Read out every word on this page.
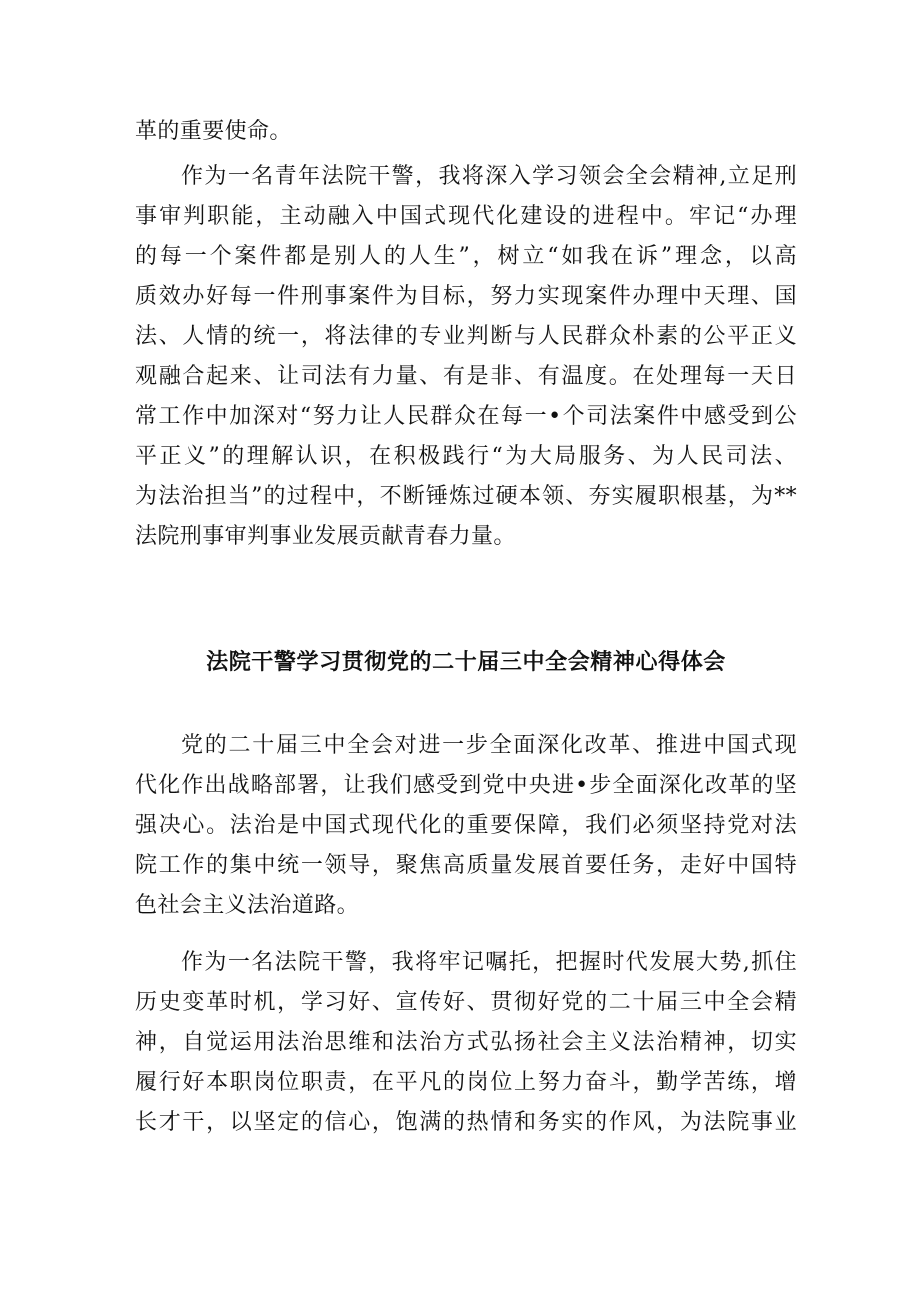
革的重要使命。
作为一名青年法院干警，我将深入学习领会全会精神,立足刑
事审判职能，主动融入中国式现代化建设的进程中。牢记“办理
的每一个案件都是别人的人生”，树立“如我在诉”理念，以高
质效办好每一件刑事案件为目标，努力实现案件办理中天理、国
法、人情的统一，将法律的专业判断与人民群众朴素的公平正义
观融合起来、让司法有力量、有是非、有温度。在处理每一天日
常工作中加深对“努力让人民群众在每一•个司法案件中感受到公
平正义”的理解认识，在积极践行“为大局服务、为人民司法、
为法治担当”的过程中，不断锤炼过硬本领、夯实履职根基，为**
法院刑事审判事业发展贡献青春力量。
法院干警学习贯彻党的二十届三中全会精神心得体会
党的二十届三中全会对进一步全面深化改革、推进中国式现
代化作出战略部署，让我们感受到党中央进•步全面深化改革的坚
强决心。法治是中国式现代化的重要保障，我们必须坚持党对法
院工作的集中统一领导，聚焦高质量发展首要任务，走好中国特
色社会主义法治道路。
作为一名法院干警，我将牢记嘱托，把握时代发展大势,抓住
历史变革时机，学习好、宣传好、贯彻好党的二十届三中全会精
神，自觉运用法治思维和法治方式弘扬社会主义法治精神，切实
履行好本职岗位职责，在平凡的岗位上努力奋斗，勤学苦练，增
长才干，以坚定的信心，饱满的热情和务实的作风，为法院事业
